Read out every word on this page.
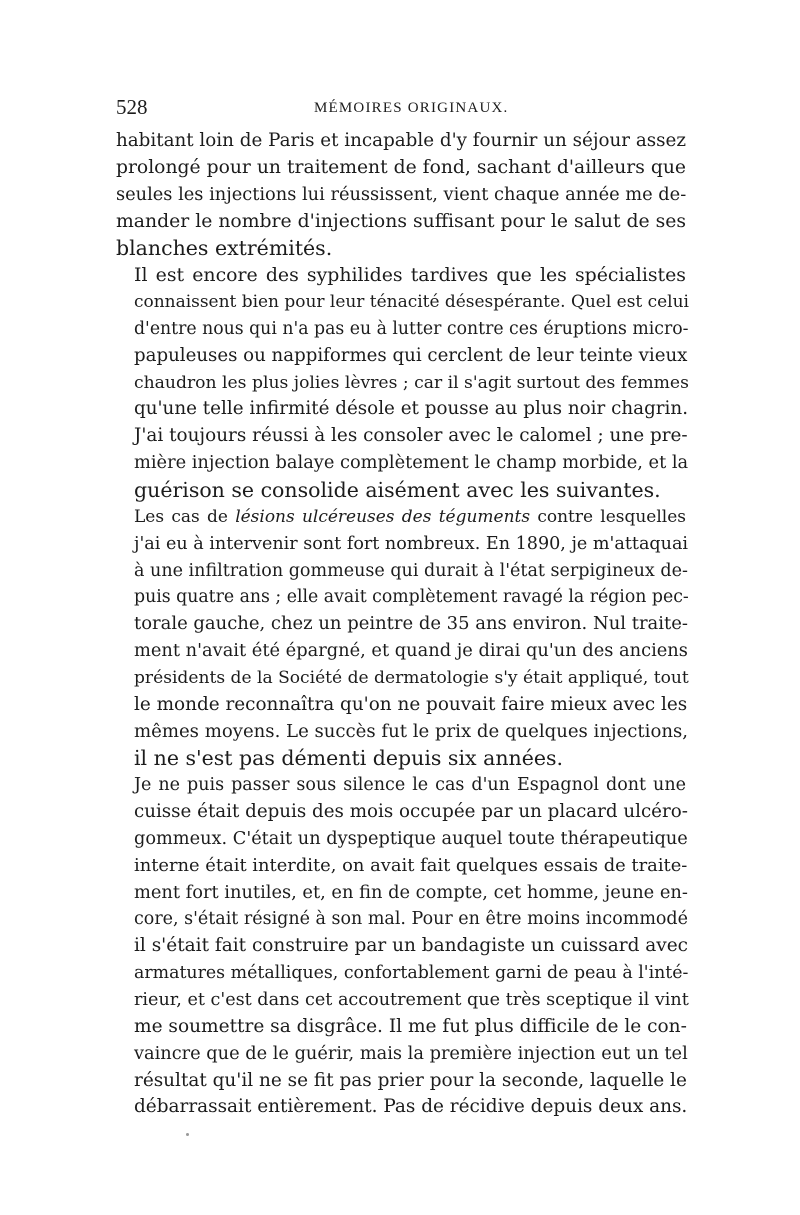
528	MÉMOIRES ORIGINAUX.

habitant loin de Paris et incapable d'y fournir un séjour assez
prolongé pour un traitement de fond, sachant d'ailleurs que
seules les injections lui réussissent, vient chaque année me de-
mander le nombre d'injections suffisant pour le salut de ses
blanches extrémités.

Il est encore des syphilides tardives que les spécialistes
connaissent bien pour leur ténacité désespérante. Quel est celui
d'entre nous qui n'a pas eu à lutter contre ces éruptions micro-
papuleuses ou nappiformes qui cerclent de leur teinte vieux
chaudron les plus jolies lèvres ; car il s'agit surtout des femmes
qu'une telle infirmité désole et pousse au plus noir chagrin.
J'ai toujours réussi à les consoler avec le calomel ; une pre-
mière injection balaye complètement le champ morbide, et la
guérison se consolide aisément avec les suivantes.

Les cas de lésions ulcéreuses des téguments contre lesquelles
j'ai eu à intervenir sont fort nombreux. En 1890, je m'attaquai
à une infiltration gommeuse qui durait à l'état serpigineux de-
puis quatre ans ; elle avait complètement ravagé la région pec-
torale gauche, chez un peintre de 35 ans environ. Nul traite-
ment n'avait été épargné, et quand je dirai qu'un des anciens
présidents de la Société de dermatologie s'y était appliqué, tout
le monde reconnaîtra qu'on ne pouvait faire mieux avec les
mêmes moyens. Le succès fut le prix de quelques injections,
il ne s'est pas démenti depuis six années.

Je ne puis passer sous silence le cas d'un Espagnol dont une
cuisse était depuis des mois occupée par un placard ulcéro-
gommeux. C'était un dyspeptique auquel toute thérapeutique
interne était interdite, on avait fait quelques essais de traite-
ment fort inutiles, et, en fin de compte, cet homme, jeune en-
core, s'était résigné à son mal. Pour en être moins incommodé
il s'était fait construire par un bandagiste un cuissard avec
armatures métalliques, confortablement garni de peau à l'inté-
rieur, et c'est dans cet accoutrement que très sceptique il vint
me soumettre sa disgrâce. Il me fut plus difficile de le con-
vaincre que de le guérir, mais la première injection eut un tel
résultat qu'il ne se fit pas prier pour la seconde, laquelle le
débarrassait entièrement. Pas de récidive depuis deux ans.
